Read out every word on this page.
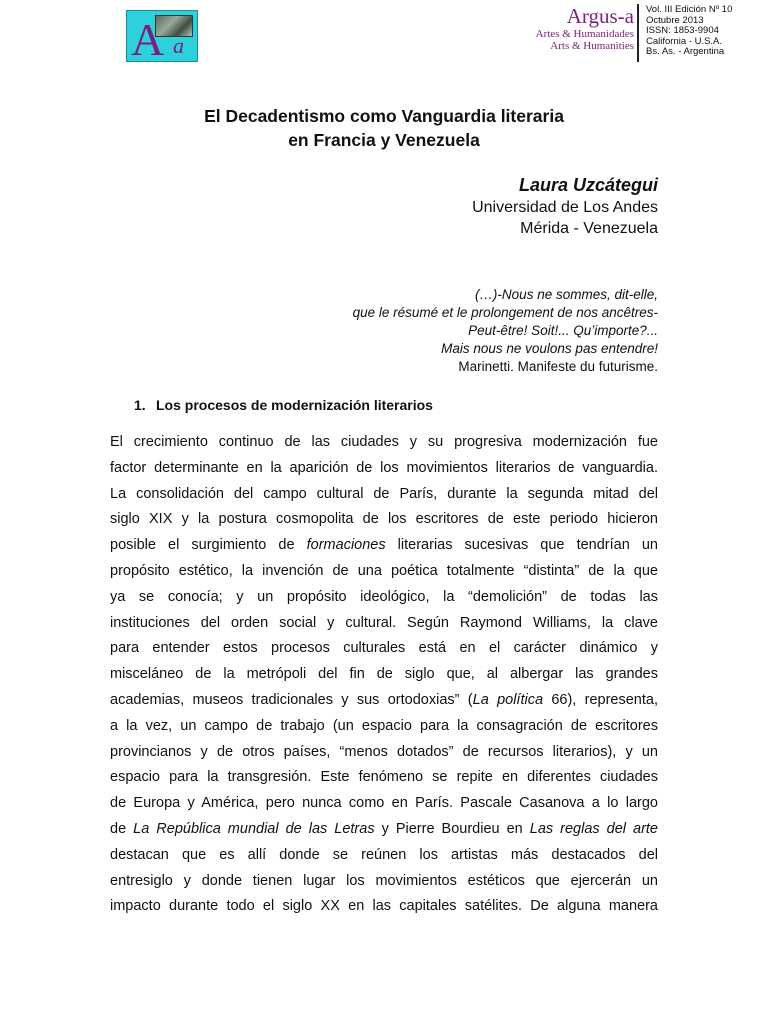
A a
Argus-a
Artes & Humanidades
Arts & Humanities
Vol. III Edición Nº 10
Octubre 2013
ISSN: 1853-9904
California - U.S.A.
Bs. As. - Argentina
El Decadentismo como Vanguardia literaria
en Francia y Venezuela
Laura Uzcátegui
Universidad de Los Andes
Mérida - Venezuela
(…)-Nous ne sommes, dit-elle,
que le résumé et le prolongement de nos ancêtres-
Peut-être! Soit!... Qu’importe?...
Mais nous ne voulons pas entendre!
Marinetti. Manifeste du futurisme.
1. Los procesos de modernización literarios
El crecimiento continuo de las ciudades y su progresiva modernización fue
factor determinante en la aparición de los movimientos literarios de vanguardia.
La consolidación del campo cultural de París, durante la segunda mitad del
siglo XIX y la postura cosmopolita de los escritores de este periodo hicieron
posible el surgimiento de formaciones literarias sucesivas que tendrían un
propósito estético, la invención de una poética totalmente “distinta” de la que
ya se conocía; y un propósito ideológico, la “demolición” de todas las
instituciones del orden social y cultural. Según Raymond Williams, la clave
para entender estos procesos culturales está en el carácter dinámico y
misceláneo de la metrópoli del fin de siglo que, al albergar las grandes
academias, museos tradicionales y sus ortodoxias” (La política 66), representa,
a la vez, un campo de trabajo (un espacio para la consagración de escritores
provincianos y de otros países, “menos dotados” de recursos literarios), y un
espacio para la transgresión. Este fenómeno se repite en diferentes ciudades
de Europa y América, pero nunca como en París. Pascale Casanova a lo largo
de La República mundial de las Letras y Pierre Bourdieu en Las reglas del arte
destacan que es allí donde se reúnen los artistas más destacados del
entresiglo y donde tienen lugar los movimientos estéticos que ejercerán un
impacto durante todo el siglo XX en las capitales satélites. De alguna manera
